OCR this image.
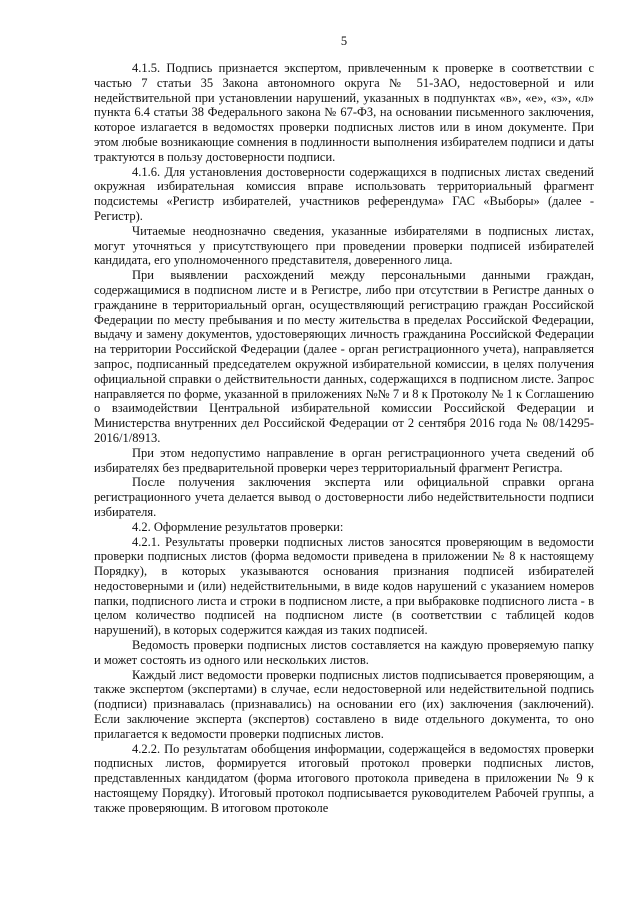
5

4.1.5. Подпись признается экспертом, привлеченным к проверке в соответствии с частью 7 статьи 35 Закона автономного округа № 51-ЗАО, недостоверной и или недействительной при установлении нарушений, указанных в подпунктах «в», «е», «з», «л» пункта 6.4 статьи 38 Федерального закона № 67-ФЗ, на основании письменного заключения, которое излагается в ведомостях проверки подписных листов или в ином документе. При этом любые возникающие сомнения в подлинности выполнения избирателем подписи и даты трактуются в пользу достоверности подписи.

4.1.6. Для установления достоверности содержащихся в подписных листах сведений окружная избирательная комиссия вправе использовать территориальный фрагмент подсистемы «Регистр избирателей, участников референдума» ГАС «Выборы» (далее - Регистр).

Читаемые неоднозначно сведения, указанные избирателями в подписных листах, могут уточняться у присутствующего при проведении проверки подписей избирателей кандидата, его уполномоченного представителя, доверенного лица.

При выявлении расхождений между персональными данными граждан, содержащимися в подписном листе и в Регистре, либо при отсутствии в Регистре данных о гражданине в территориальный орган, осуществляющий регистрацию граждан Российской Федерации по месту пребывания и по месту жительства в пределах Российской Федерации, выдачу и замену документов, удостоверяющих личность гражданина Российской Федерации на территории Российской Федерации (далее - орган регистрационного учета), направляется запрос, подписанный председателем окружной избирательной комиссии, в целях получения официальной справки о действительности данных, содержащихся в подписном листе. Запрос направляется по форме, указанной в приложениях №№ 7 и 8 к Протоколу № 1 к Соглашению о взаимодействии Центральной избирательной комиссии Российской Федерации и Министерства внутренних дел Российской Федерации от 2 сентября 2016 года № 08/14295-2016/1/8913.

При этом недопустимо направление в орган регистрационного учета сведений об избирателях без предварительной проверки через территориальный фрагмент Регистра.

После получения заключения эксперта или официальной справки органа регистрационного учета делается вывод о достоверности либо недействительности подписи избирателя.

4.2. Оформление результатов проверки:

4.2.1. Результаты проверки подписных листов заносятся проверяющим в ведомости проверки подписных листов (форма ведомости приведена в приложении № 8 к настоящему Порядку), в которых указываются основания признания подписей избирателей недостоверными и (или) недействительными, в виде кодов нарушений с указанием номеров папки, подписного листа и строки в подписном листе, а при выбраковке подписного листа - в целом количество подписей на подписном листе (в соответствии с таблицей кодов нарушений), в которых содержится каждая из таких подписей.

Ведомость проверки подписных листов составляется на каждую проверяемую папку и может состоять из одного или нескольких листов.

Каждый лист ведомости проверки подписных листов подписывается проверяющим, а также экспертом (экспертами) в случае, если недостоверной или недействительной подпись (подписи) признавалась (признавались) на основании его (их) заключения (заключений). Если заключение эксперта (экспертов) составлено в виде отдельного документа, то оно прилагается к ведомости проверки подписных листов.

4.2.2. По результатам обобщения информации, содержащейся в ведомостях проверки подписных листов, формируется итоговый протокол проверки подписных листов, представленных кандидатом (форма итогового протокола приведена в приложении № 9 к настоящему Порядку). Итоговый протокол подписывается руководителем Рабочей группы, а также проверяющим. В итоговом протоколе
